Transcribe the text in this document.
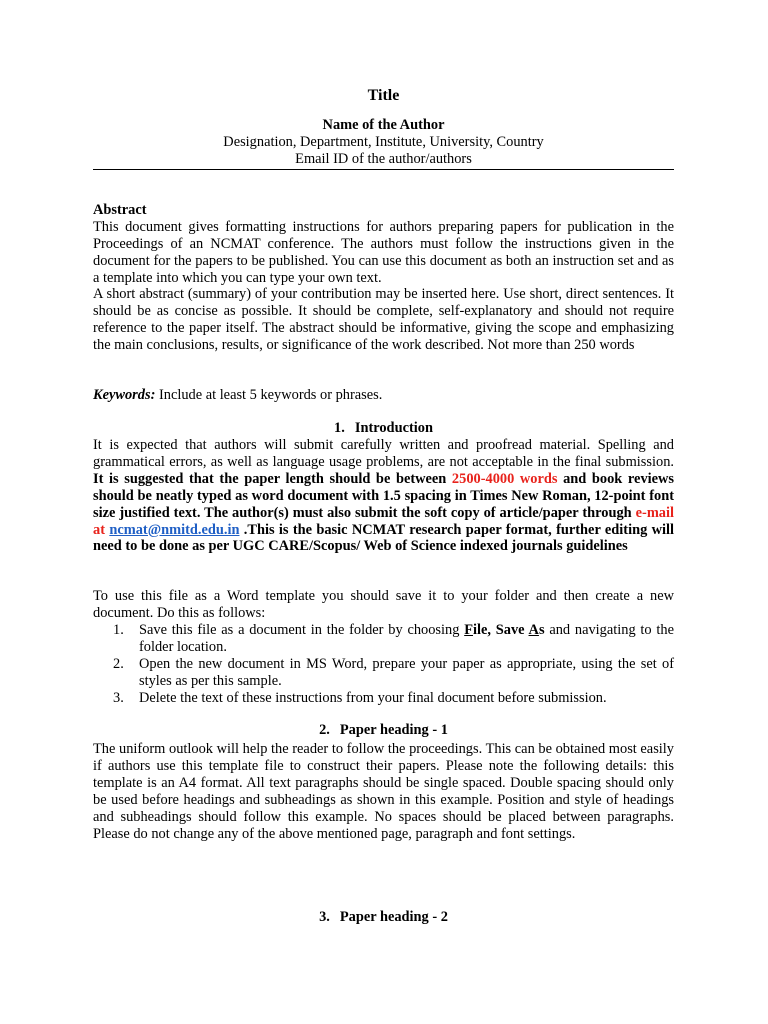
Title
Name of the Author
Designation, Department, Institute, University, Country
Email ID of the author/authors
Abstract

This document gives formatting instructions for authors preparing papers for publication in the Proceedings of an NCMAT conference. The authors must follow the instructions given in the document for the papers to be published. You can use this document as both an instruction set and as a template into which you can type your own text.

A short abstract (summary) of your contribution may be inserted here. Use short, direct sentences. It should be as concise as possible. It should be complete, self-explanatory and should not require reference to the paper itself. The abstract should be informative, giving the scope and emphasizing the main conclusions, results, or significance of the work described. Not more than 250 words

Keywords: Include at least 5 keywords or phrases.

1. Introduction

It is expected that authors will submit carefully written and proofread material. Spelling and grammatical errors, as well as language usage problems, are not acceptable in the final submission. It is suggested that the paper length should be between 2500-4000 words and book reviews should be neatly typed as word document with 1.5 spacing in Times New Roman, 12-point font size justified text. The author(s) must also submit the soft copy of article/paper through e-mail at ncmat@nmitd.edu.in .This is the basic NCMAT research paper format, further editing will need to be done as per UGC CARE/Scopus/ Web of Science indexed journals guidelines

To use this file as a Word template you should save it to your folder and then create a new document. Do this as follows:

1. Save this file as a document in the folder by choosing File, Save As and navigating to the folder location.
2. Open the new document in MS Word, prepare your paper as appropriate, using the set of styles as per this sample.
3. Delete the text of these instructions from your final document before submission.
2. Paper heading - 1

The uniform outlook will help the reader to follow the proceedings. This can be obtained most easily if authors use this template file to construct their papers. Please note the following details: this template is an A4 format. All text paragraphs should be single spaced. Double spacing should only be used before headings and subheadings as shown in this example. Position and style of headings and subheadings should follow this example. No spaces should be placed between paragraphs. Please do not change any of the above mentioned page, paragraph and font settings.

3. Paper heading - 2
